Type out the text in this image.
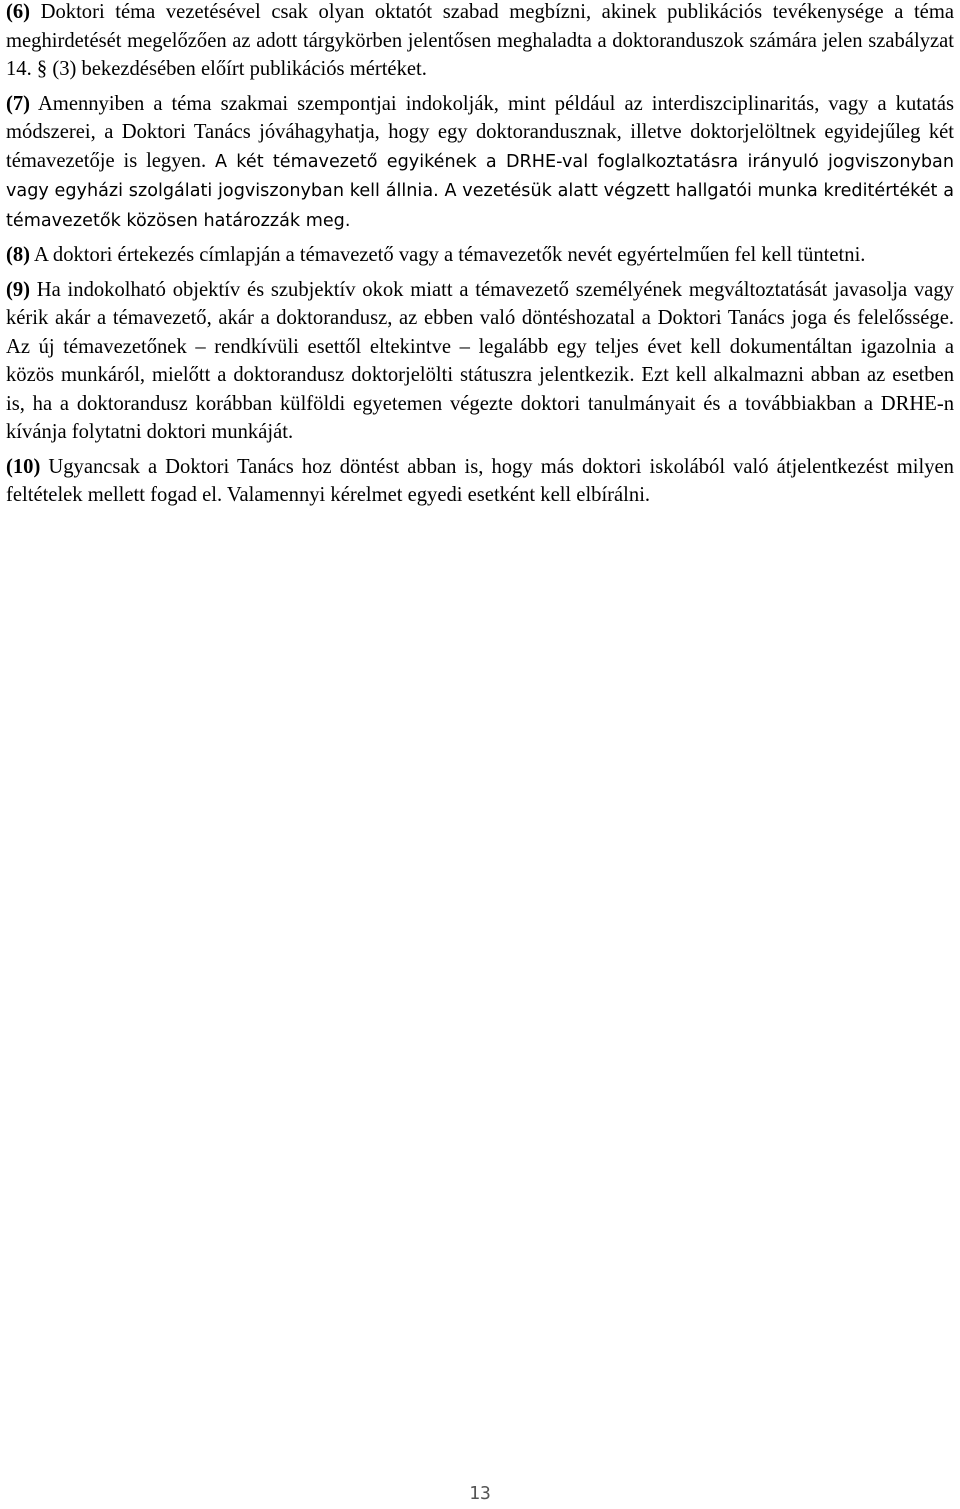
(6) Doktori téma vezetésével csak olyan oktatót szabad megbízni, akinek publikációs tevékenysége a téma meghirdetését megelőzően az adott tárgykörben jelentősen meghaladta a doktoranduszok számára jelen szabályzat 14. § (3) bekezdésében előírt publikációs mértéket.

(7) Amennyiben a téma szakmai szempontjai indokolják, mint például az interdiszciplinaritás, vagy a kutatás módszerei, a Doktori Tanács jóváhagyhatja, hogy egy doktorandusznak, illetve doktorjelöltnek egyidejűleg két témavezetője is legyen. A két témavezető egyikének a DRHE-val foglalkoztatásra irányuló jogviszonyban vagy egyházi szolgálati jogviszonyban kell állnia. A vezetésük alatt végzett hallgatói munka kreditértékét a témavezetők közösen határozzák meg.

(8) A doktori értekezés címlapján a témavezető vagy a témavezetők nevét egyértelműen fel kell tüntetni.

(9) Ha indokolható objektív és szubjektív okok miatt a témavezető személyének megváltoztatását javasolja vagy kérik akár a témavezető, akár a doktorandusz, az ebben való döntéshozatal a Doktori Tanács joga és felelőssége. Az új témavezetőnek – rendkívüli esettől eltekintve – legalább egy teljes évet kell dokumentáltan igazolnia a közös munkáról, mielőtt a doktorandusz doktorjelölti státuszra jelentkezik. Ezt kell alkalmazni abban az esetben is, ha a doktorandusz korábban külföldi egyetemen végezte doktori tanulmányait és a továbbiakban a DRHE-n kívánja folytatni doktori munkáját.

(10) Ugyancsak a Doktori Tanács hoz döntést abban is, hogy más doktori iskolából való átjelentkezést milyen feltételek mellett fogad el. Valamennyi kérelmet egyedi esetként kell elbírálni.

13
